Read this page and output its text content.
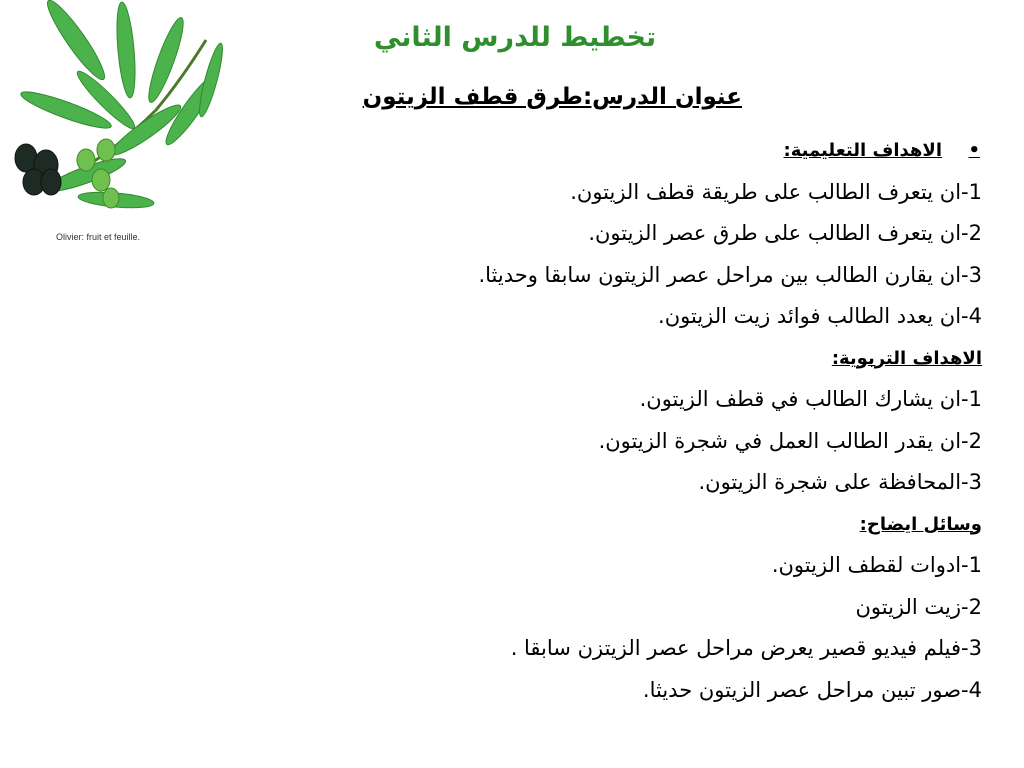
Olivier: fruit et feuille.
تخطيط للدرس الثاني
عنوان الدرس:طرق قطف الزيتون
•
الاهداف التعليمية:
1-ان يتعرف الطالب على طريقة قطف الزيتون.
2-ان يتعرف الطالب على طرق عصر الزيتون.
3-ان يقارن الطالب بين مراحل عصر الزيتون سابقا وحديثا.
4-ان يعدد الطالب فوائد زيت الزيتون.
الاهداف التربوية:
1-ان يشارك الطالب في قطف الزيتون.
2-ان يقدر الطالب العمل في شجرة الزيتون.
3-المحافظة على شجرة الزيتون.
وسائل ايضاح:
1-ادوات لقطف الزيتون.
2-زيت الزيتون
3-فيلم فيديو قصير يعرض مراحل عصر الزيتزن سابقا .
4-صور تبين مراحل عصر الزيتون حديثا.
